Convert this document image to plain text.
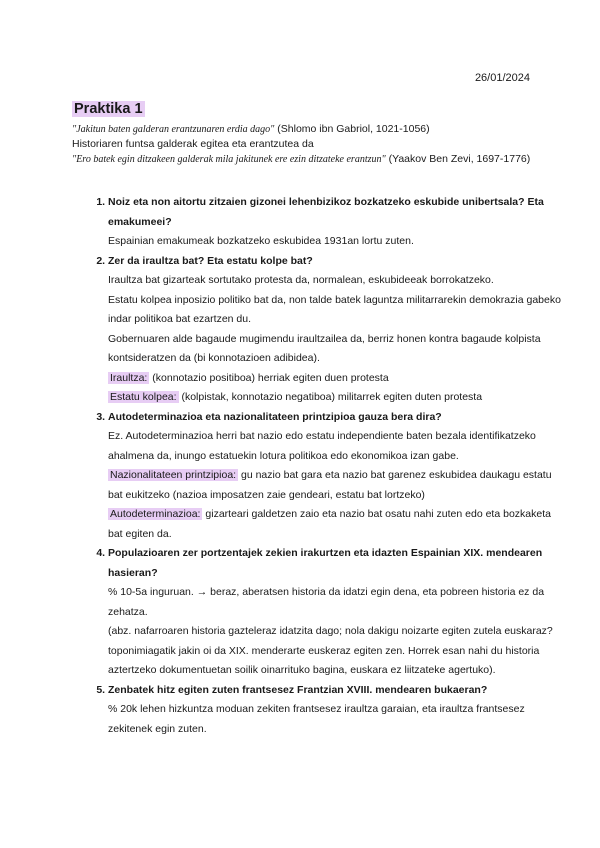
26/01/2024
Praktika 1

"Jakitun baten galderan erantzunaren erdia dago" (Shlomo ibn Gabriol, 1021-1056)

Historiaren funtsa galderak egitea eta erantzutea da

"Ero batek egin ditzakeen galderak mila jakitunek ere ezin ditzateke erantzun" (Yaakov Ben Zevi, 1697-1776)

1. Noiz eta non aitortu zitzaien gizonei lehenbizikoz bozkatzeko eskubide unibertsala? Eta emakumeei?

Espainian emakumeak bozkatzeko eskubidea 1931an lortu zuten.

2. Zer da iraultza bat? Eta estatu kolpe bat?

Iraultza bat gizarteak sortutako protesta da, normalean, eskubideeak borrokatzeko.

Estatu kolpea inposizio politiko bat da, non talde batek laguntza militarrarekin demokrazia gabeko indar politikoa bat ezartzen du.

Gobernuaren alde bagaude mugimendu iraultzailea da, berriz honen kontra bagaude kolpista kontsideratzen da (bi konnotazioen adibidea).

Iraultza: (konnotazio positiboa) herriak egiten duen protesta

Estatu kolpea: (kolpistak, konnotazio negatiboa) militarrek egiten duten protesta

3. Autodeterminazioa eta nazionalitateen printzipioa gauza bera dira?

Ez. Autodeterminazioa herri bat nazio edo estatu independiente baten bezala identifikatzeko ahalmena da, inungo estatuekin lotura politikoa edo ekonomikoa izan gabe.

Nazionalitateen printzipioa: gu nazio bat gara eta nazio bat garenez eskubidea daukagu estatu bat eukitzeko (nazioa imposatzen zaie gendeari, estatu bat lortzeko)

Autodeterminazioa: gizarteari galdetzen zaio eta nazio bat osatu nahi zuten edo eta bozkaketa bat egiten da.

4. Populazioaren zer portzentajek zekien irakurtzen eta idazten Espainian XIX. mendearen hasieran?

% 10-5a inguruan. → beraz, aberatsen historia da idatzi egin dena, eta pobreen historia ez da zehatza.

(abz. nafarroaren historia gazteleraz idatzita dago; nola dakigu noizarte egiten zutela euskaraz? toponimiagatik jakin oi da XIX. menderarte euskeraz egiten zen. Horrek esan nahi du historia aztertzeko dokumentuetan soilik oinarrituko bagina, euskara ez liitzateke agertuko).

5. Zenbatek hitz egiten zuten frantsesez Frantzian XVIII. mendearen bukaeran?

% 20k lehen hizkuntza moduan zekiten frantsesez iraultza garaian, eta iraultza frantsesez zekitenek egin zuten.
